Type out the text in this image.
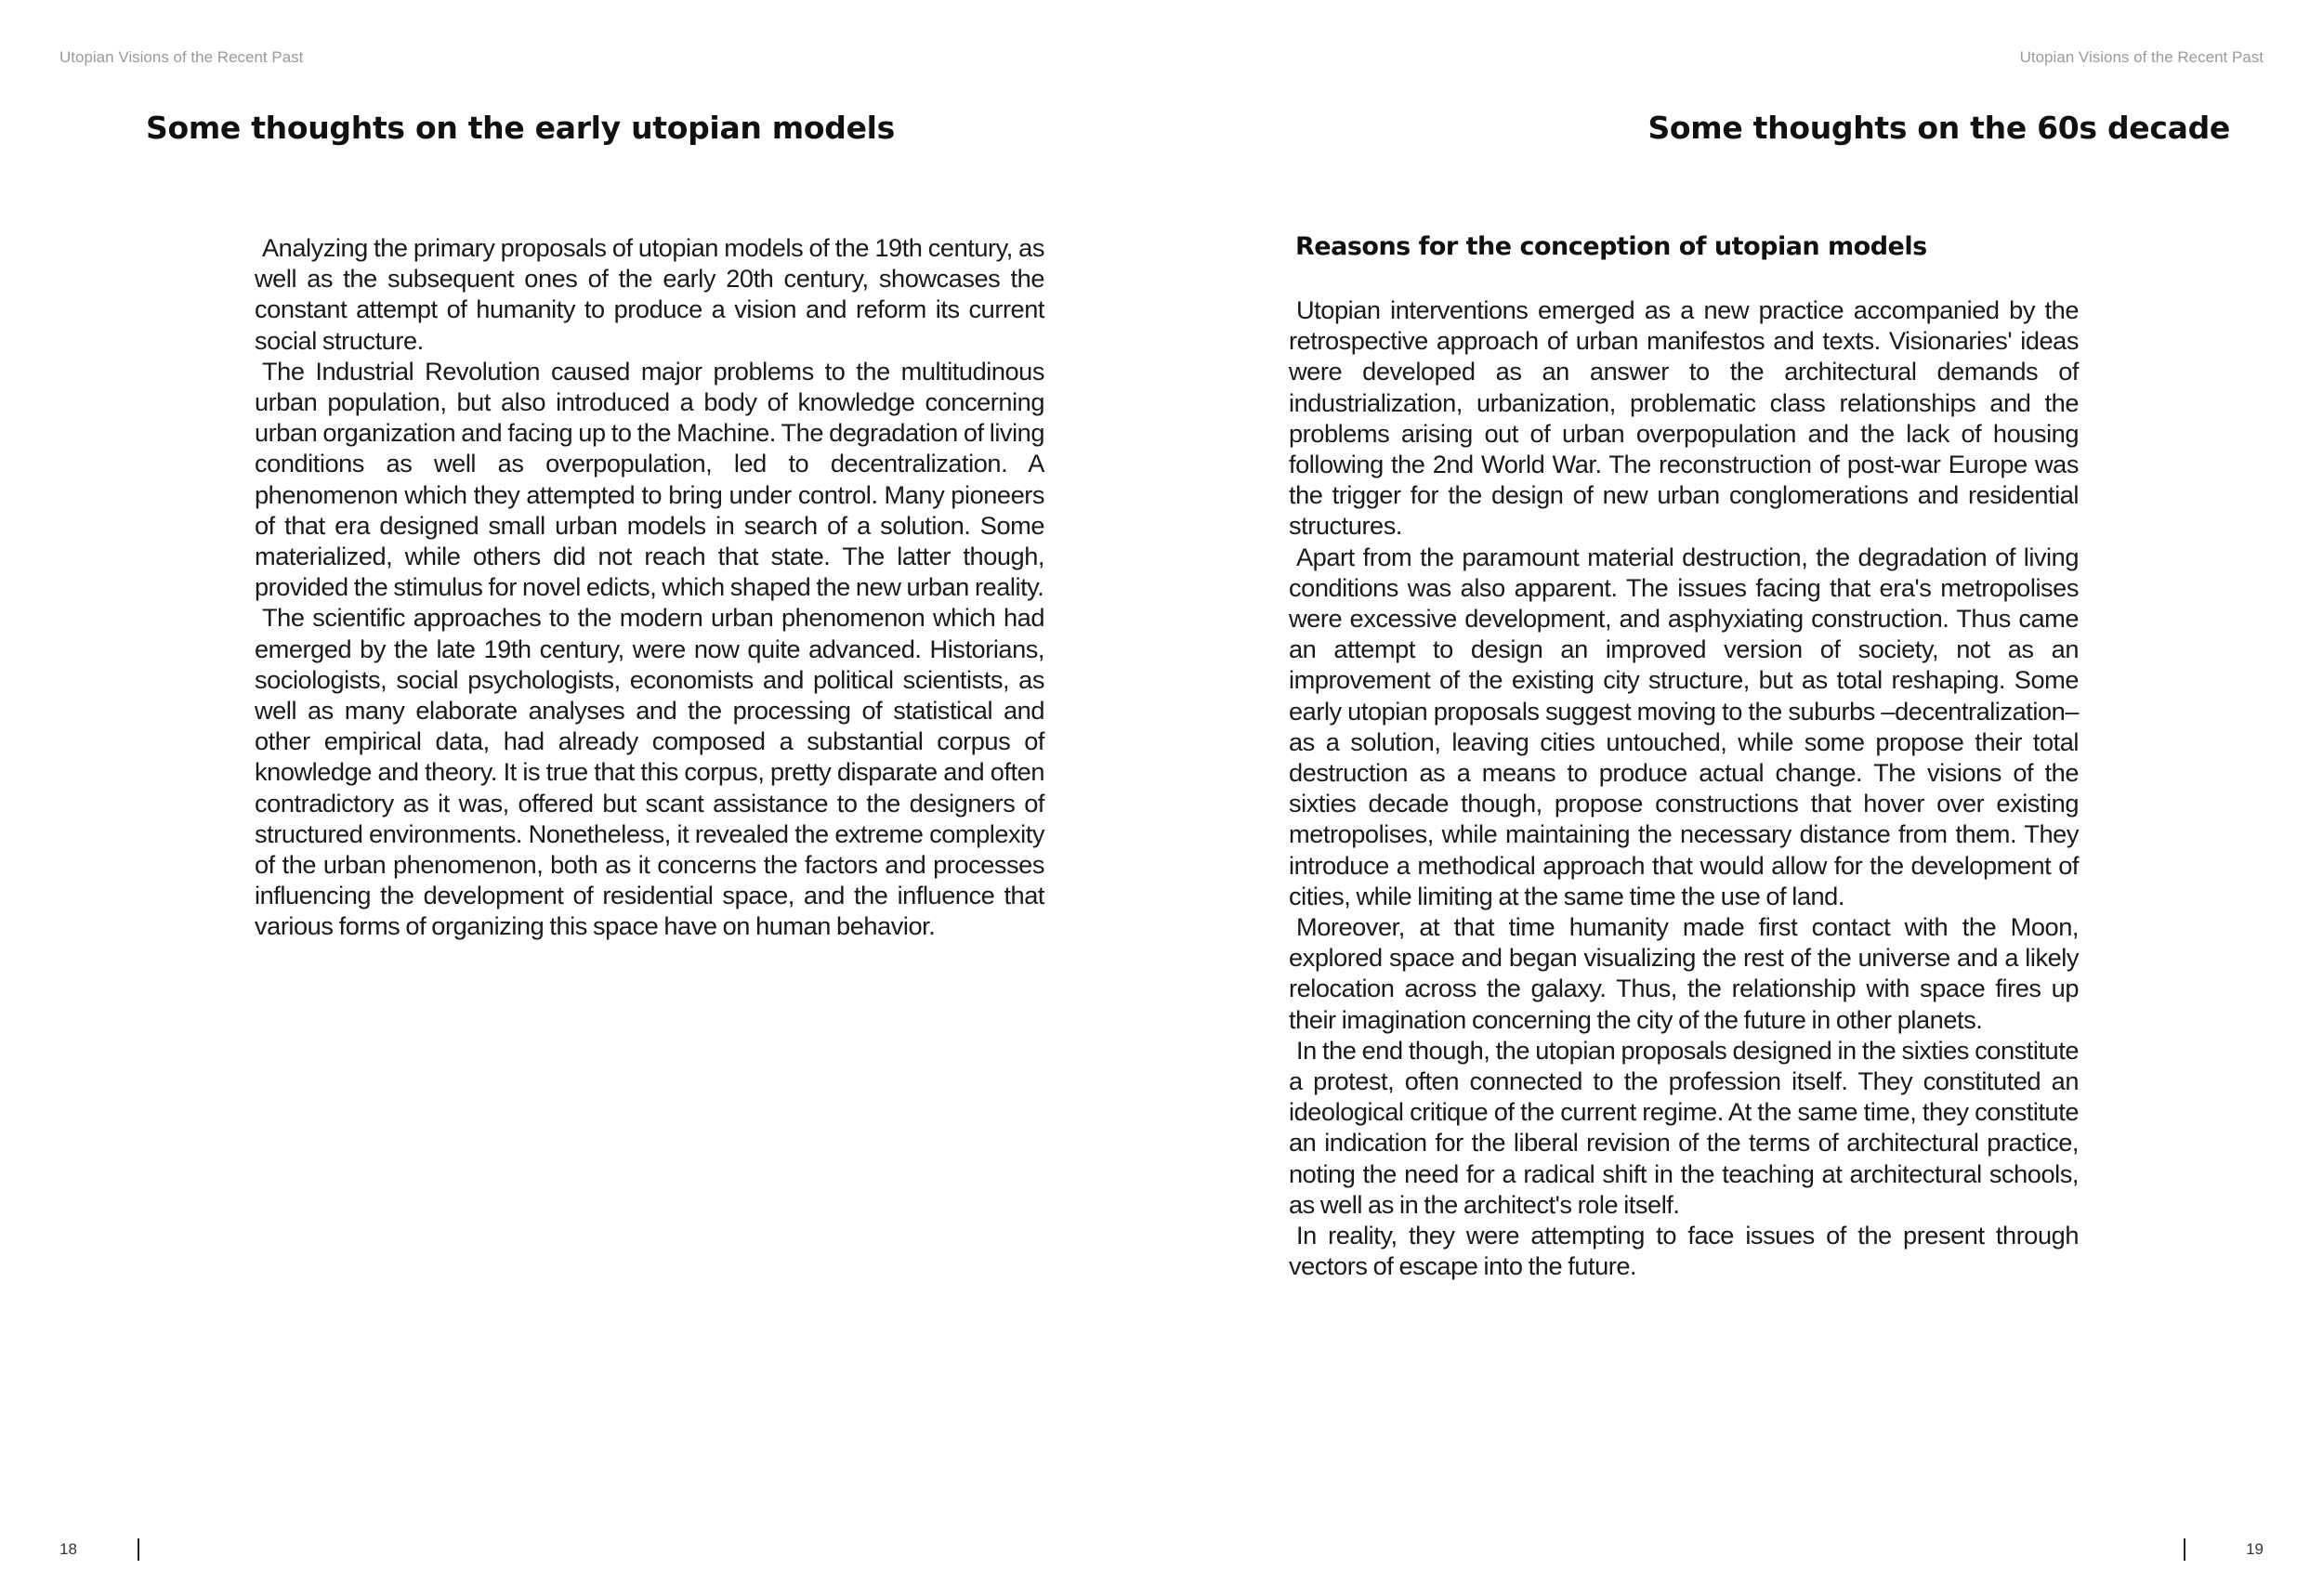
Utopian Visions of the Recent Past
Some thoughts on the early utopian models

Analyzing the primary proposals of utopian models of the 19th century, as well as the subsequent ones of the early 20th century, showcases the constant attempt of humanity to produce a vision and reform its current social structure.

The Industrial Revolution caused major problems to the multitudinous urban population, but also introduced a body of knowledge concerning urban organization and facing up to the Machine. The degradation of living conditions as well as overpopulation, led to decentralization. A phenomenon which they attempted to bring under control. Many pioneers of that era designed small urban models in search of a solution. Some materialized, while others did not reach that state. The latter though, provided the stimulus for novel edicts, which shaped the new urban reality.

The scientific approaches to the modern urban phenomenon which had emerged by the late 19th century, were now quite advanced. Historians, sociologists, social psychologists, economists and political scientists, as well as many elaborate analyses and the processing of statistical and other empirical data, had already composed a substantial corpus of knowledge and theory. It is true that this corpus, pretty disparate and often contradictory as it was, offered but scant assistance to the designers of structured environments. Nonetheless, it revealed the extreme complexity of the urban phenomenon, both as it concerns the factors and processes influencing the development of residential space, and the influence that various forms of organizing this space have on human behavior.

18
Utopian Visions of the Recent Past
Some thoughts on the 60s decade
Reasons for the conception of utopian models

Utopian interventions emerged as a new practice accompanied by the retrospective approach of urban manifestos and texts. Visionaries' ideas were developed as an answer to the architectural demands of industrialization, urbanization, problematic class relationships and the problems arising out of urban overpopulation and the lack of housing following the 2nd World War. The reconstruction of post-war Europe was the trigger for the design of new urban conglomerations and residential structures.

Apart from the paramount material destruction, the degradation of living conditions was also apparent. The issues facing that era's metropolises were excessive development, and asphyxiating construction. Thus came an attempt to design an improved version of society, not as an improvement of the existing city structure, but as total reshaping. Some early utopian proposals suggest moving to the suburbs –decentralization– as a solution, leaving cities untouched, while some propose their total destruction as a means to produce actual change. The visions of the sixties decade though, propose constructions that hover over existing metropolises, while maintaining the necessary distance from them. They introduce a methodical approach that would allow for the development of cities, while limiting at the same time the use of land.

Moreover, at that time humanity made first contact with the Moon, explored space and began visualizing the rest of the universe and a likely relocation across the galaxy. Thus, the relationship with space fires up their imagination concerning the city of the future in other planets.

In the end though, the utopian proposals designed in the sixties constitute a protest, often connected to the profession itself. They constituted an ideological critique of the current regime. At the same time, they constitute an indication for the liberal revision of the terms of architectural practice, noting the need for a radical shift in the teaching at architectural schools, as well as in the architect's role itself.

In reality, they were attempting to face issues of the present through vectors of escape into the future.

19
